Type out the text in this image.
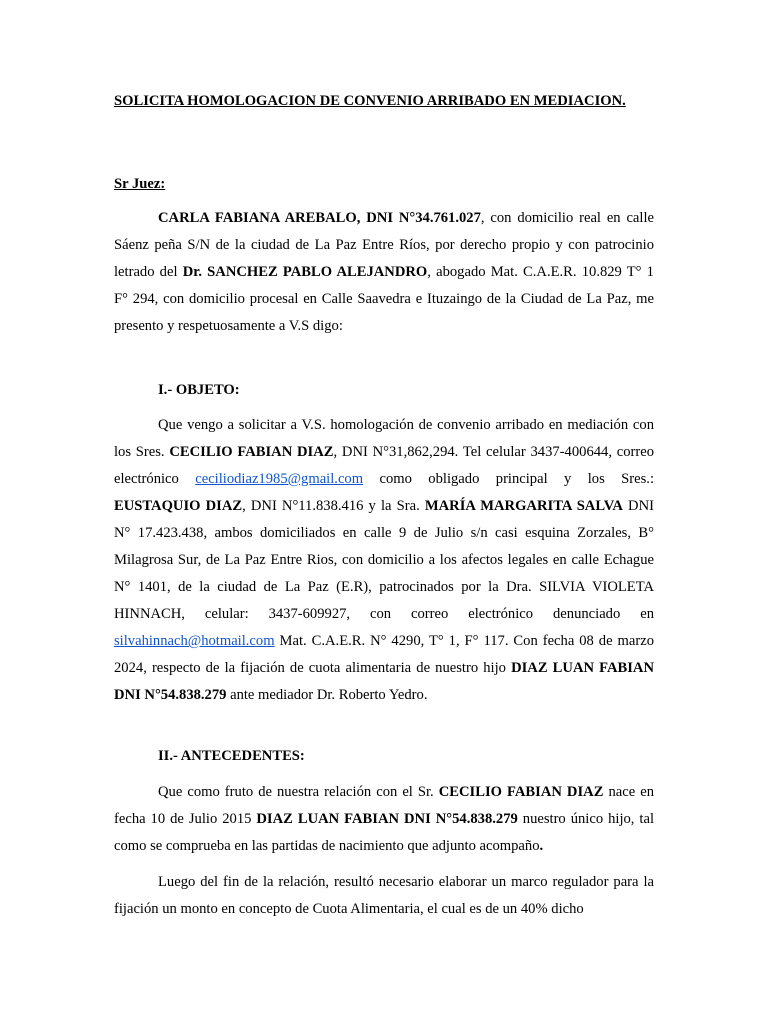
SOLICITA HOMOLOGACION DE CONVENIO ARRIBADO EN MEDIACION.
Sr Juez:

CARLA FABIANA AREBALO, DNI N°34.761.027, con domicilio real en calle Sáenz peña S/N de la ciudad de La Paz Entre Ríos, por derecho propio y con patrocinio letrado del Dr. SANCHEZ PABLO ALEJANDRO, abogado Mat. C.A.E.R. 10.829 T° 1 F° 294, con domicilio procesal en Calle Saavedra e Ituzaingo de la Ciudad de La Paz, me presento y respetuosamente a V.S digo:

I.- OBJETO:

Que vengo a solicitar a V.S. homologación de convenio arribado en mediación con los Sres. CECILIO FABIAN DIAZ, DNI N°31,862,294. Tel celular 3437-400644, correo electrónico ceciliodiaz1985@gmail.com como obligado principal y los Sres.: EUSTAQUIO DIAZ, DNI N°11.838.416 y la Sra. MARÍA MARGARITA SALVA DNI N° 17.423.438, ambos domiciliados en calle 9 de Julio s/n casi esquina Zorzales, B° Milagrosa Sur, de La Paz Entre Rios, con domicilio a los afectos legales en calle Echague N° 1401, de la ciudad de La Paz (E.R), patrocinados por la Dra. SILVIA VIOLETA HINNACH, celular: 3437-609927, con correo electrónico denunciado en silvahinnach@hotmail.com Mat. C.A.E.R. N° 4290, T° 1, F° 117. Con fecha 08 de marzo 2024, respecto de la fijación de cuota alimentaria de nuestro hijo DIAZ LUAN FABIAN DNI N°54.838.279 ante mediador Dr. Roberto Yedro.

II.- ANTECEDENTES:

Que como fruto de nuestra relación con el Sr. CECILIO FABIAN DIAZ nace en fecha 10 de Julio 2015 DIAZ LUAN FABIAN DNI N°54.838.279 nuestro único hijo, tal como se comprueba en las partidas de nacimiento que adjunto acompaño.

Luego del fin de la relación, resultó necesario elaborar un marco regulador para la fijación un monto en concepto de Cuota Alimentaria, el cual es de un 40% dicho
